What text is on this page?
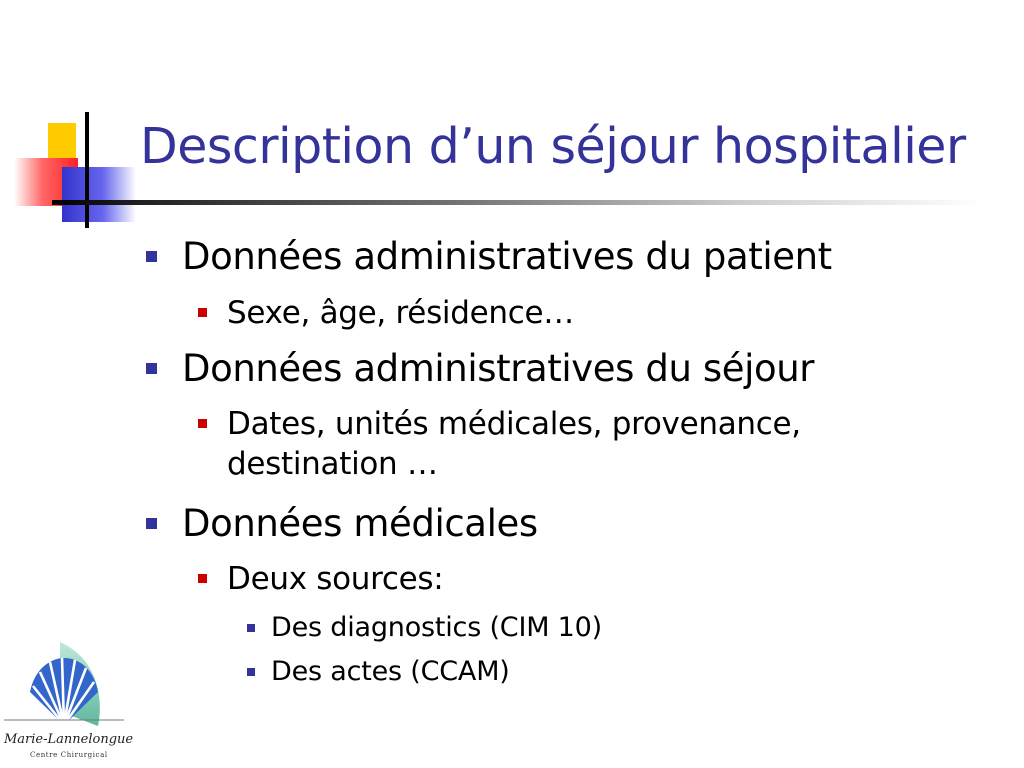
Description d’un séjour hospitalier
Données administratives du patient
Sexe, âge, résidence…
Données administratives du séjour
Dates, unités médicales, provenance,
destination …
Données médicales
Deux sources:
Des diagnostics (CIM 10)
Des actes (CCAM)
Marie-Lannelongue
Centre Chirurgical
